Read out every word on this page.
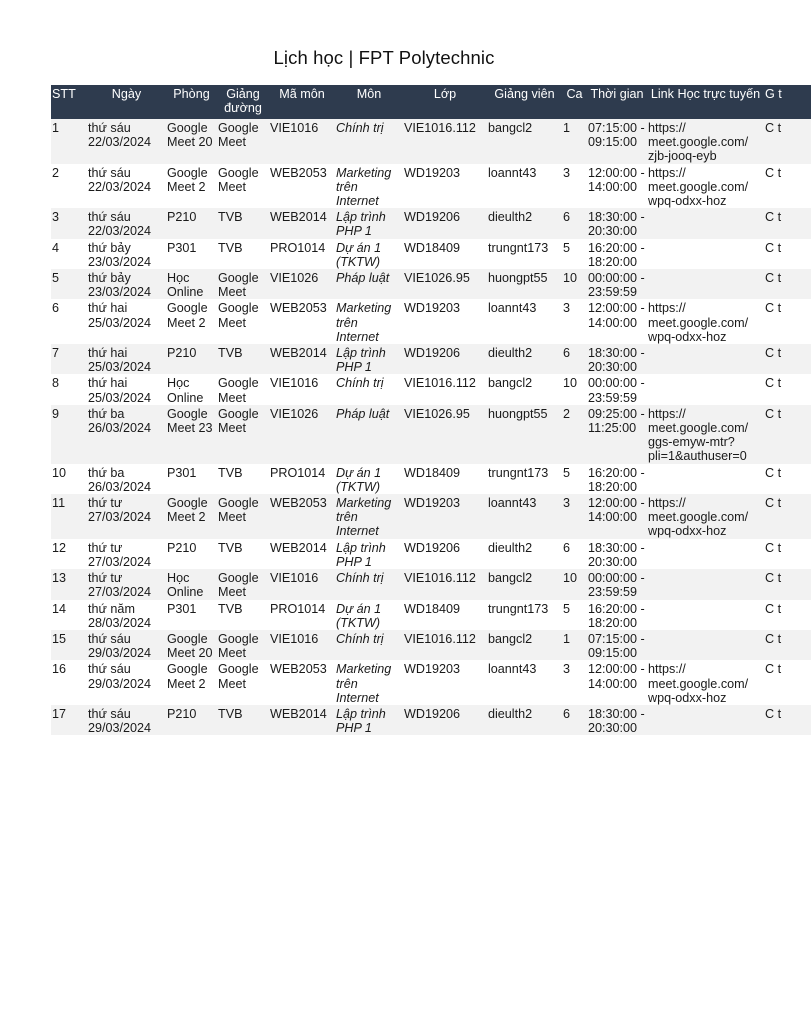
Lịch học | FPT Polytechnic
STT	Ngày	Phòng	Giảng đường	Mã môn	Môn	Lớp	Giảng viên	Ca	Thời gian	Link Học trực tuyến	G t
1	thứ sáu 22/03/2024	Google Meet 20	Google Meet	VIE1016	Chính trị	VIE1016.112	bangcl2	1	07:15:00 - 09:15:00	https:// meet.google.com/ zjb-jooq-eyb	C t
2	thứ sáu 22/03/2024	Google Meet 2	Google Meet	WEB2053	Marketing trên Internet	WD19203	loannt43	3	12:00:00 - 14:00:00	https:// meet.google.com/ wpq-odxx-hoz	C t
3	thứ sáu 22/03/2024	P210	TVB	WEB2014	Lập trình PHP 1	WD19206	dieulth2	6	18:30:00 - 20:30:00		C t
4	thứ bảy 23/03/2024	P301	TVB	PRO1014	Dự án 1 (TKTW)	WD18409	trungnt173	5	16:20:00 - 18:20:00		C t
5	thứ bảy 23/03/2024	Học Online	Google Meet	VIE1026	Pháp luật	VIE1026.95	huongpt55	10	00:00:00 - 23:59:59		C t
6	thứ hai 25/03/2024	Google Meet 2	Google Meet	WEB2053	Marketing trên Internet	WD19203	loannt43	3	12:00:00 - 14:00:00	https:// meet.google.com/ wpq-odxx-hoz	C t
7	thứ hai 25/03/2024	P210	TVB	WEB2014	Lập trình PHP 1	WD19206	dieulth2	6	18:30:00 - 20:30:00		C t
8	thứ hai 25/03/2024	Học Online	Google Meet	VIE1016	Chính trị	VIE1016.112	bangcl2	10	00:00:00 - 23:59:59		C t
9	thứ ba 26/03/2024	Google Meet 23	Google Meet	VIE1026	Pháp luật	VIE1026.95	huongpt55	2	09:25:00 - 11:25:00	https:// meet.google.com/ ggs-emyw-mtr? pli=1&authuser=0	C t
10	thứ ba 26/03/2024	P301	TVB	PRO1014	Dự án 1 (TKTW)	WD18409	trungnt173	5	16:20:00 - 18:20:00		C t
11	thứ tư 27/03/2024	Google Meet 2	Google Meet	WEB2053	Marketing trên Internet	WD19203	loannt43	3	12:00:00 - 14:00:00	https:// meet.google.com/ wpq-odxx-hoz	C t
12	thứ tư 27/03/2024	P210	TVB	WEB2014	Lập trình PHP 1	WD19206	dieulth2	6	18:30:00 - 20:30:00		C t
13	thứ tư 27/03/2024	Học Online	Google Meet	VIE1016	Chính trị	VIE1016.112	bangcl2	10	00:00:00 - 23:59:59		C t
14	thứ năm 28/03/2024	P301	TVB	PRO1014	Dự án 1 (TKTW)	WD18409	trungnt173	5	16:20:00 - 18:20:00		C t
15	thứ sáu 29/03/2024	Google Meet 20	Google Meet	VIE1016	Chính trị	VIE1016.112	bangcl2	1	07:15:00 - 09:15:00		C t
16	thứ sáu 29/03/2024	Google Meet 2	Google Meet	WEB2053	Marketing trên Internet	WD19203	loannt43	3	12:00:00 - 14:00:00	https:// meet.google.com/ wpq-odxx-hoz	C t
17	thứ sáu 29/03/2024	P210	TVB	WEB2014	Lập trình PHP 1	WD19206	dieulth2	6	18:30:00 - 20:30:00		C t
